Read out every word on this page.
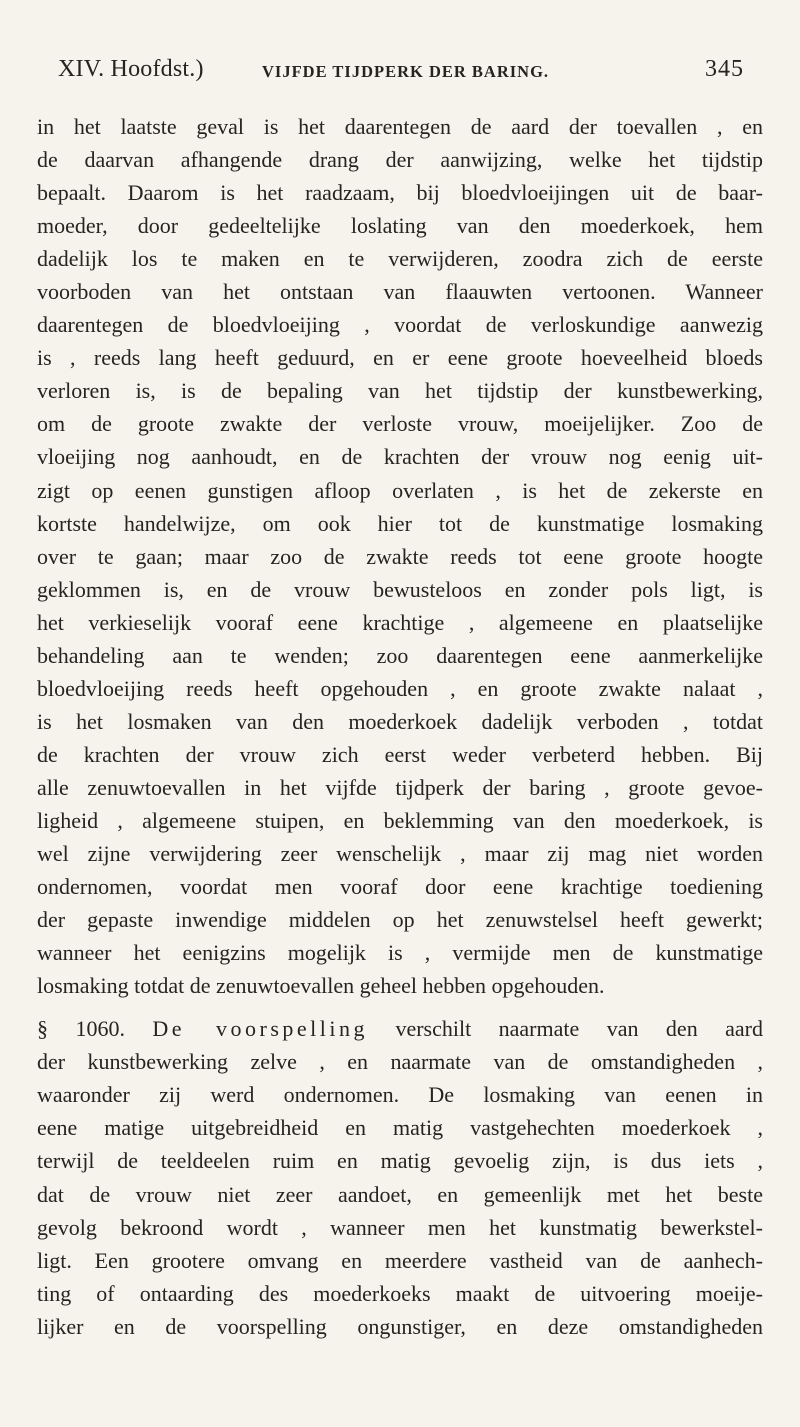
XIV. Hoofdst.)	VIJFDE TIJDPERK DER BARING.	345
in het laatste geval is het daarentegen de aard der toevallen , en
de daarvan afhangende drang der aanwijzing, welke het tijdstip
bepaalt. Daarom is het raadzaam, bij bloedvloeijingen uit de baar-
moeder, door gedeeltelijke loslating van den moederkoek, hem
dadelijk los te maken en te verwijderen, zoodra zich de eerste
voorboden van het ontstaan van flaauwten vertoonen. Wanneer
daarentegen de bloedvloeijing , voordat de verloskundige aanwezig
is , reeds lang heeft geduurd, en er eene groote hoeveelheid bloeds
verloren is, is de bepaling van het tijdstip der kunstbewerking,
om de groote zwakte der verloste vrouw, moeijelijker. Zoo de
vloeijing nog aanhoudt, en de krachten der vrouw nog eenig uit-
zigt op eenen gunstigen afloop overlaten , is het de zekerste en
kortste handelwijze, om ook hier tot de kunstmatige losmaking
over te gaan; maar zoo de zwakte reeds tot eene groote hoogte
geklommen is, en de vrouw bewusteloos en zonder pols ligt, is
het verkieselijk vooraf eene krachtige , algemeene en plaatselijke
behandeling aan te wenden; zoo daarentegen eene aanmerkelijke
bloedvloeijing reeds heeft opgehouden , en groote zwakte nalaat ,
is het losmaken van den moederkoek dadelijk verboden , totdat
de krachten der vrouw zich eerst weder verbeterd hebben. Bij
alle zenuwtoevallen in het vijfde tijdperk der baring , groote gevoe-
ligheid , algemeene stuipen, en beklemming van den moederkoek, is
wel zijne verwijdering zeer wenschelijk , maar zij mag niet worden
ondernomen, voordat men vooraf door eene krachtige toediening
der gepaste inwendige middelen op het zenuwstelsel heeft gewerkt;
wanneer het eenigzins mogelijk is , vermijde men de kunstmatige
losmaking totdat de zenuwtoevallen geheel hebben opgehouden.
§ 1060. De voorspelling verschilt naarmate van den aard
der kunstbewerking zelve , en naarmate van de omstandigheden ,
waaronder zij werd ondernomen. De losmaking van eenen in
eene matige uitgebreidheid en matig vastgehechten moederkoek ,
terwijl de teeldeelen ruim en matig gevoelig zijn, is dus iets ,
dat de vrouw niet zeer aandoet, en gemeenlijk met het beste
gevolg bekroond wordt , wanneer men het kunstmatig bewerkstel-
ligt. Een grootere omvang en meerdere vastheid van de aanhech-
ting of ontaarding des moederkoeks maakt de uitvoering moeije-
lijker en de voorspelling ongunstiger, en deze omstandigheden
